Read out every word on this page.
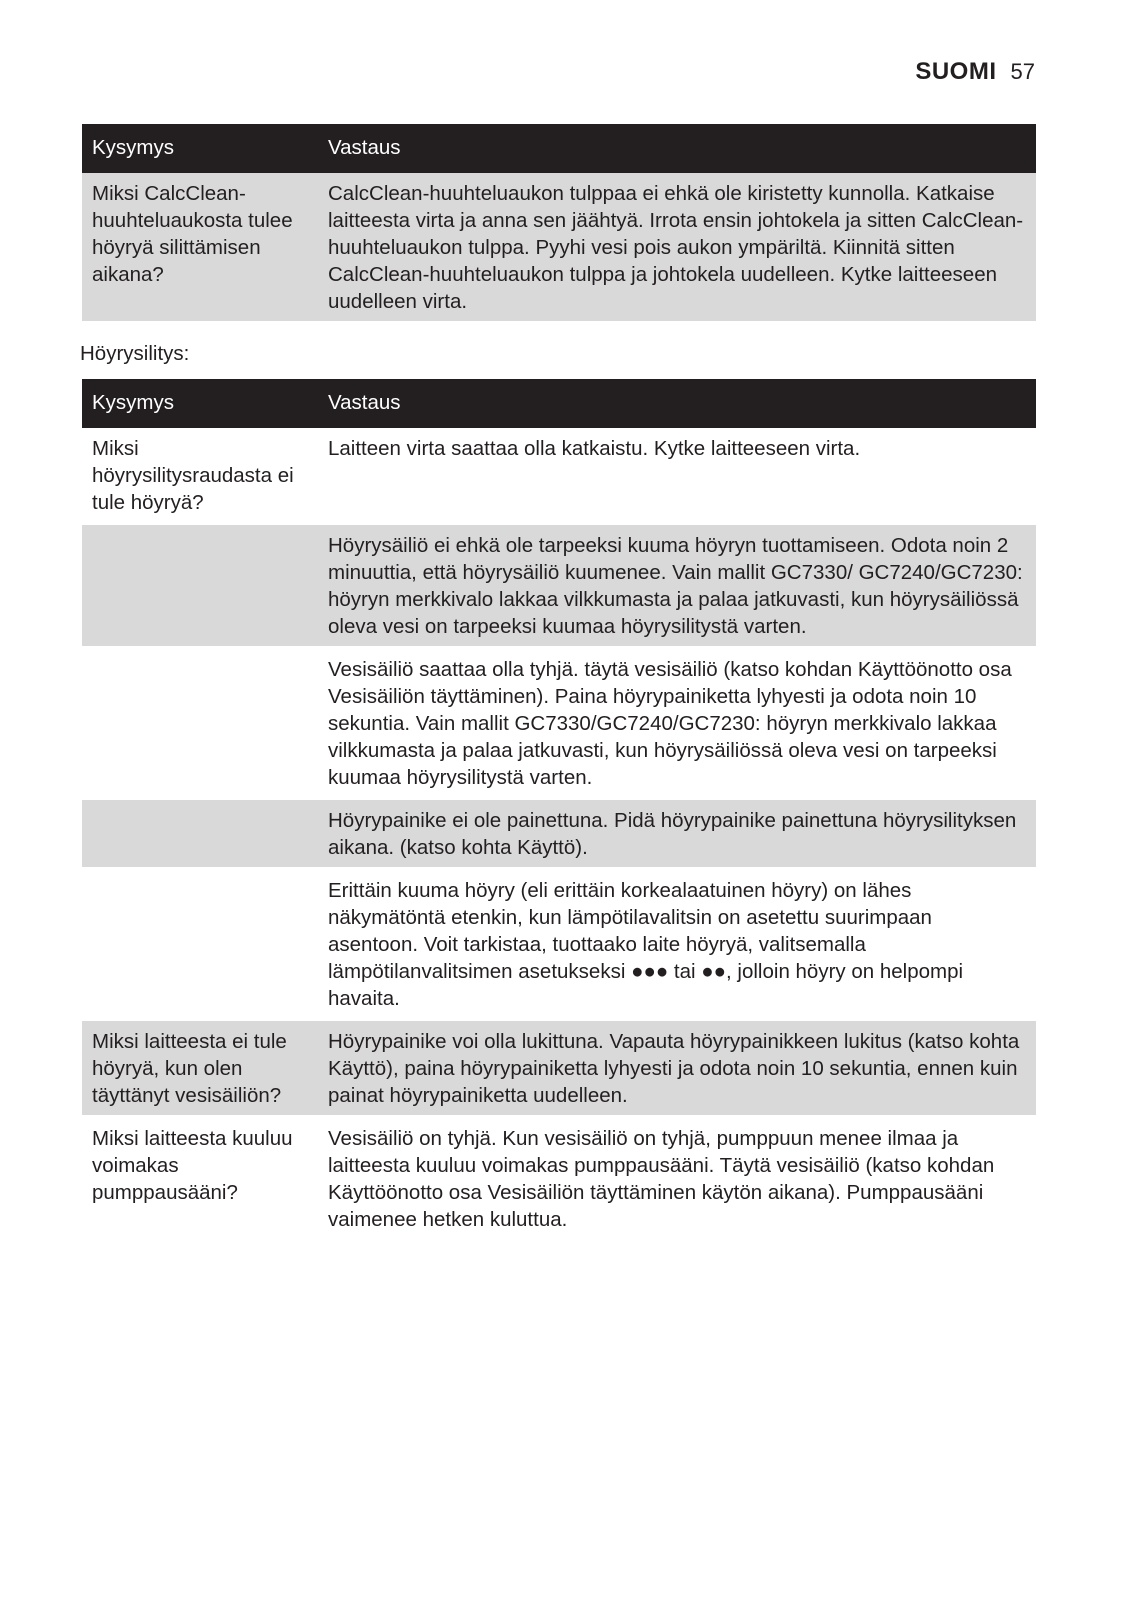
SUOMI 57
Kysymys	Vastaus
Miksi CalcClean-huuhteluaukosta tulee höyryä silittämisen aikana?	CalcClean-huuhteluaukon tulppaa ei ehkä ole kiristetty kunnolla. Katkaise laitteesta virta ja anna sen jäähtyä. Irrota ensin johtokela ja sitten CalcClean-huuhteluaukon tulppa. Pyyhi vesi pois aukon ympäriltä. Kiinnitä sitten CalcClean-huuhteluaukon tulppa ja johtokela uudelleen. Kytke laitteeseen uudelleen virta.
Höyrysilitys:
Kysymys	Vastaus
Miksi höyrysilitysraudasta ei tule höyryä?	Laitteen virta saattaa olla katkaistu. Kytke laitteeseen virta.
	Höyrysäiliö ei ehkä ole tarpeeksi kuuma höyryn tuottamiseen. Odota noin 2 minuuttia, että höyrysäiliö kuumenee. Vain mallit GC7330/ GC7240/GC7230: höyryn merkkivalo lakkaa vilkkumasta ja palaa jatkuvasti, kun höyrysäiliössä oleva vesi on tarpeeksi kuumaa höyrysilitystä varten.
	Vesisäiliö saattaa olla tyhjä. täytä vesisäiliö (katso kohdan Käyttöönotto osa Vesisäiliön täyttäminen). Paina höyrypainiketta lyhyesti ja odota noin 10 sekuntia. Vain mallit GC7330/GC7240/GC7230: höyryn merkkivalo lakkaa vilkkumasta ja palaa jatkuvasti, kun höyrysäiliössä oleva vesi on tarpeeksi kuumaa höyrysilitystä varten.
	Höyrypainike ei ole painettuna. Pidä höyrypainike painettuna höyrysilityksen aikana. (katso kohta Käyttö).
	Erittäin kuuma höyry (eli erittäin korkealaatuinen höyry) on lähes näkymätöntä etenkin, kun lämpötilavalitsin on asetettu suurimpaan asentoon. Voit tarkistaa, tuottaako laite höyryä, valitsemalla lämpötilanvalitsimen asetukseksi ●●● tai ●●, jolloin höyry on helpompi havaita.
Miksi laitteesta ei tule höyryä, kun olen täyttänyt vesisäiliön?	Höyrypainike voi olla lukittuna. Vapauta höyrypainikkeen lukitus (katso kohta Käyttö), paina höyrypainiketta lyhyesti ja odota noin 10 sekuntia, ennen kuin painat höyrypainiketta uudelleen.
Miksi laitteesta kuuluu voimakas pumppausääni?	Vesisäiliö on tyhjä. Kun vesisäiliö on tyhjä, pumppuun menee ilmaa ja laitteesta kuuluu voimakas pumppausääni. Täytä vesisäiliö (katso kohdan Käyttöönotto osa Vesisäiliön täyttäminen käytön aikana). Pumppausääni vaimenee hetken kuluttua.
